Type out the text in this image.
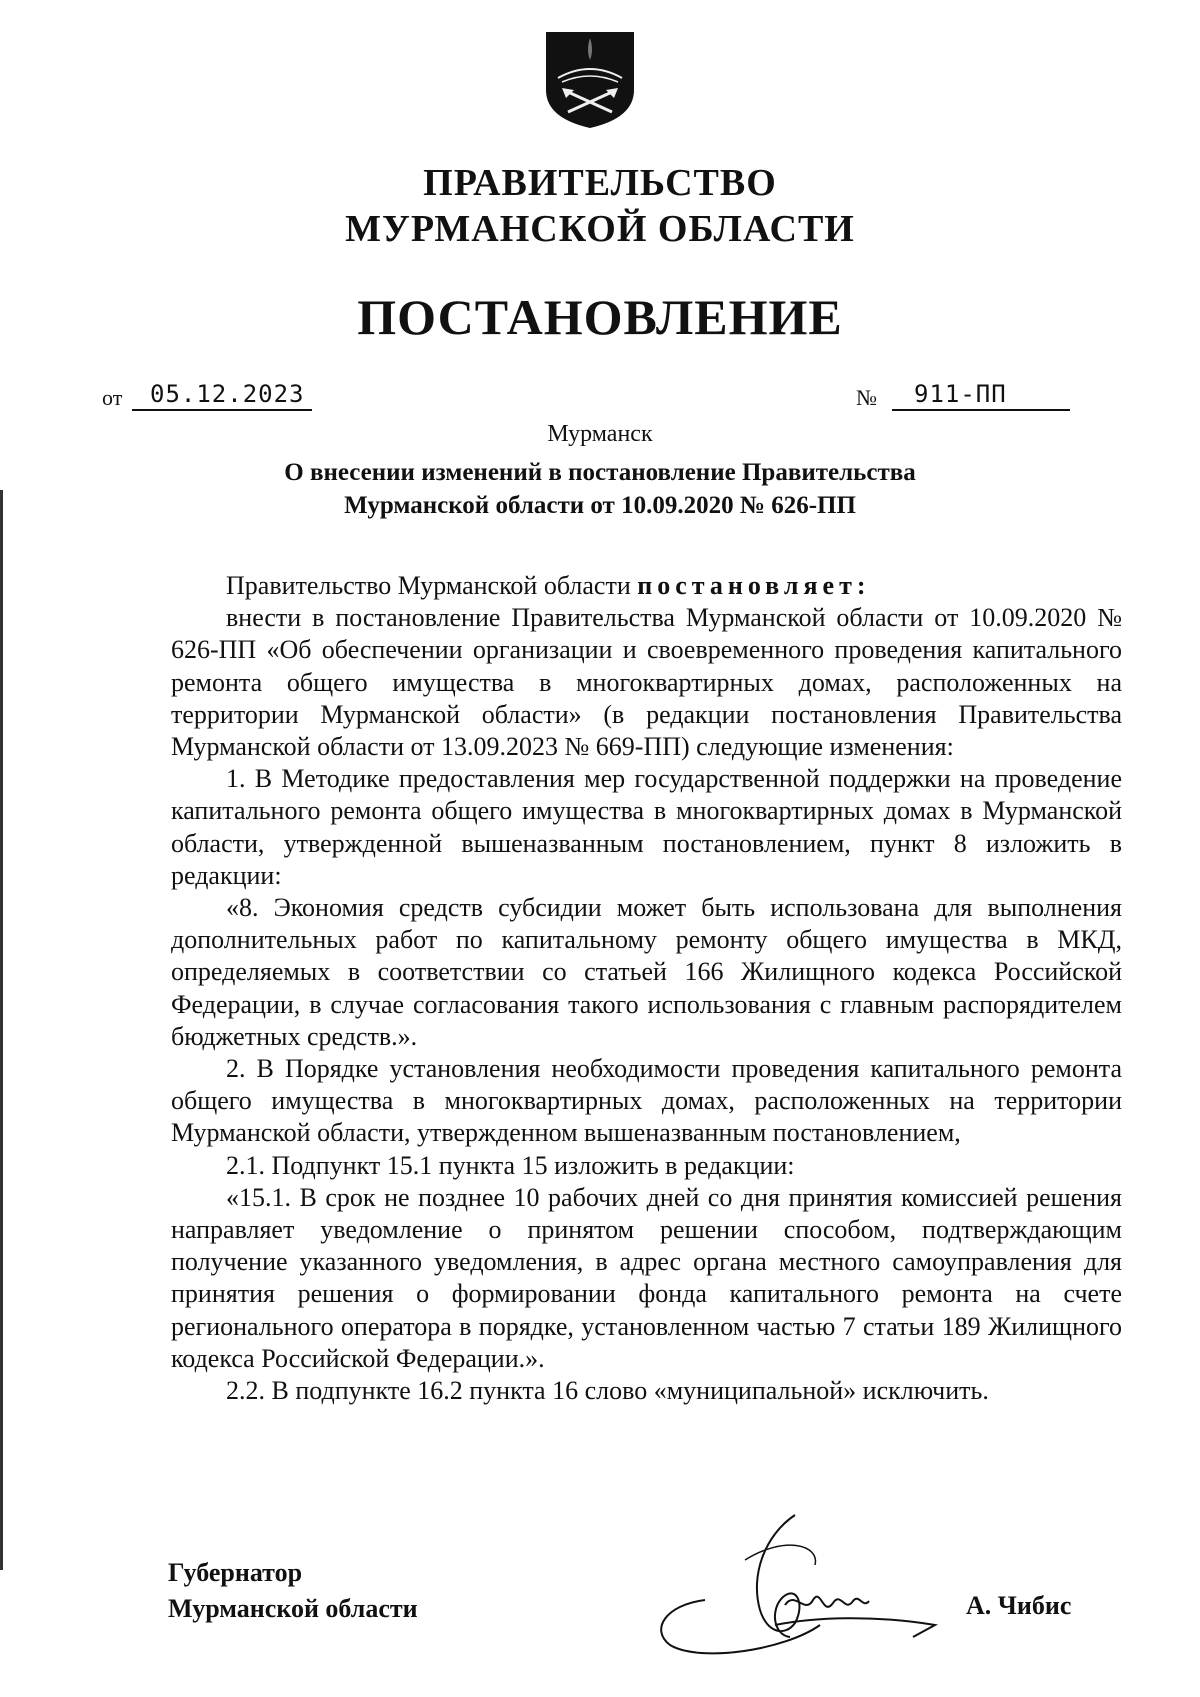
ПРАВИТЕЛЬСТВО
МУРМАНСКОЙ ОБЛАСТИ
ПОСТАНОВЛЕНИЕ
от 05.12.2023	№ 911-ПП
Мурманск
О внесении изменений в постановление Правительства
Мурманской области от 10.09.2020 № 626-ПП

Правительство Мурманской области постановляет:

внести в постановление Правительства Мурманской области от 10.09.2020 № 626-ПП «Об обеспечении организации и своевременного проведения капитального ремонта общего имущества в многоквартирных домах, расположенных на территории Мурманской области» (в редакции постановления Правительства Мурманской области от 13.09.2023 № 669-ПП) следующие изменения:

1. В Методике предоставления мер государственной поддержки на проведение капитального ремонта общего имущества в многоквартирных домах в Мурманской области, утвержденной вышеназванным постановлением, пункт 8 изложить в редакции:

«8. Экономия средств субсидии может быть использована для выполнения дополнительных работ по капитальному ремонту общего имущества в МКД, определяемых в соответствии со статьей 166 Жилищного кодекса Российской Федерации, в случае согласования такого использования с главным распорядителем бюджетных средств.».

2. В Порядке установления необходимости проведения капитального ремонта общего имущества в многоквартирных домах, расположенных на территории Мурманской области, утвержденном вышеназванным постановлением,

2.1. Подпункт 15.1 пункта 15 изложить в редакции:

«15.1. В срок не позднее 10 рабочих дней со дня принятия комиссией решения направляет уведомление о принятом решении способом, подтверждающим получение указанного уведомления, в адрес органа местного самоуправления для принятия решения о формировании фонда капитального ремонта на счете регионального оператора в порядке, установленном частью 7 статьи 189 Жилищного кодекса Российской Федерации.».

2.2. В подпункте 16.2 пункта 16 слово «муниципальной» исключить.

Губернатор
Мурманской области	А. Чибис
